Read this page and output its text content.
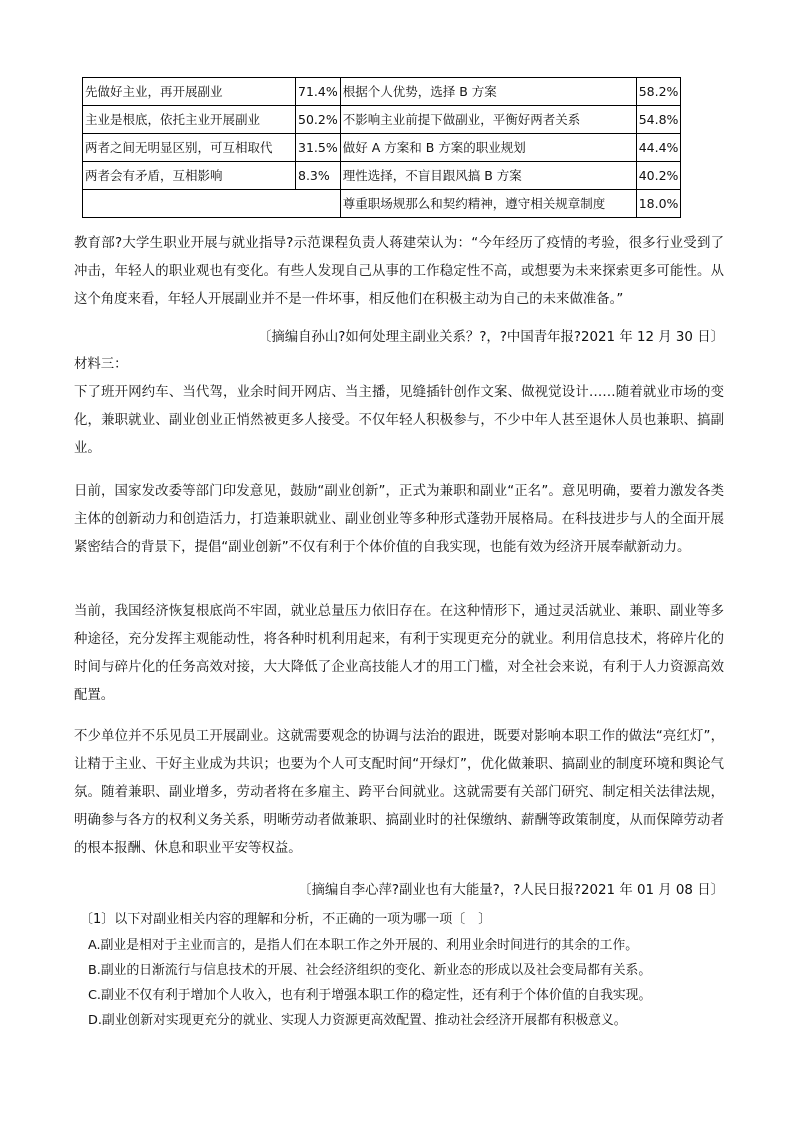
先做好主业，再开展副业	71.4%	根据个人优势，选择 B 方案	58.2%
主业是根底，依托主业开展副业	50.2%	不影响主业前提下做副业，平衡好两者关系	54.8%
两者之间无明显区别，可互相取代	31.5%	做好 A 方案和 B 方案的职业规划	44.4%
两者会有矛盾，互相影响	8.3%	理性选择，不盲目跟风搞 B 方案	40.2%
		尊重职场规那么和契约精神，遵守相关规章制度	18.0%

教育部?大学生职业开展与就业指导?示范课程负责人蒋建荣认为：“今年经历了疫情的考验，很多行业受到了冲击，年轻人的职业观也有变化。有些人发现自己从事的工作稳定性不高，或想要为未来探索更多可能性。从这个角度来看，年轻人开展副业并不是一件坏事，相反他们在积极主动为自己的未来做准备。”

〔摘编自孙山?如何处理主副业关系？?，?中国青年报?2021 年 12 月 30 日〕
材料三：

下了班开网约车、当代驾，业余时间开网店、当主播，见缝插针创作文案、做视觉设计……随着就业市场的变化，兼职就业、副业创业正悄然被更多人接受。不仅年轻人积极参与，不少中年人甚至退休人员也兼职、搞副业。

日前，国家发改委等部门印发意见，鼓励“副业创新”，正式为兼职和副业“正名”。意见明确，要着力激发各类主体的创新动力和创造活力，打造兼职就业、副业创业等多种形式蓬勃开展格局。在科技进步与人的全面开展紧密结合的背景下，提倡“副业创新”不仅有利于个体价值的自我实现，也能有效为经济开展奉献新动力。

当前，我国经济恢复根底尚不牢固，就业总量压力依旧存在。在这种情形下，通过灵活就业、兼职、副业等多种途径，充分发挥主观能动性，将各种时机利用起来，有利于实现更充分的就业。利用信息技术，将碎片化的时间与碎片化的任务高效对接，大大降低了企业高技能人才的用工门槛，对全社会来说，有利于人力资源高效配置。

不少单位并不乐见员工开展副业。这就需要观念的协调与法治的跟进，既要对影响本职工作的做法“亮红灯”，让精于主业、干好主业成为共识；也要为个人可支配时间“开绿灯”，优化做兼职、搞副业的制度环境和舆论气氛。随着兼职、副业增多，劳动者将在多雇主、跨平台间就业。这就需要有关部门研究、制定相关法律法规，明确参与各方的权利义务关系，明晰劳动者做兼职、搞副业时的社保缴纳、薪酬等政策制度，从而保障劳动者的根本报酬、休息和职业平安等权益。

〔摘编自李心萍?副业也有大能量?，?人民日报?2021 年 01 月 08 日〕
〔1〕以下对副业相关内容的理解和分析，不正确的一项为哪一项〔　〕
A.副业是相对于主业而言的，是指人们在本职工作之外开展的、利用业余时间进行的其余的工作。
B.副业的日渐流行与信息技术的开展、社会经济组织的变化、新业态的形成以及社会变局都有关系。
C.副业不仅有利于增加个人收入，也有利于增强本职工作的稳定性，还有利于个体价值的自我实现。
D.副业创新对实现更充分的就业、实现人力资源更高效配置、推动社会经济开展都有积极意义。
